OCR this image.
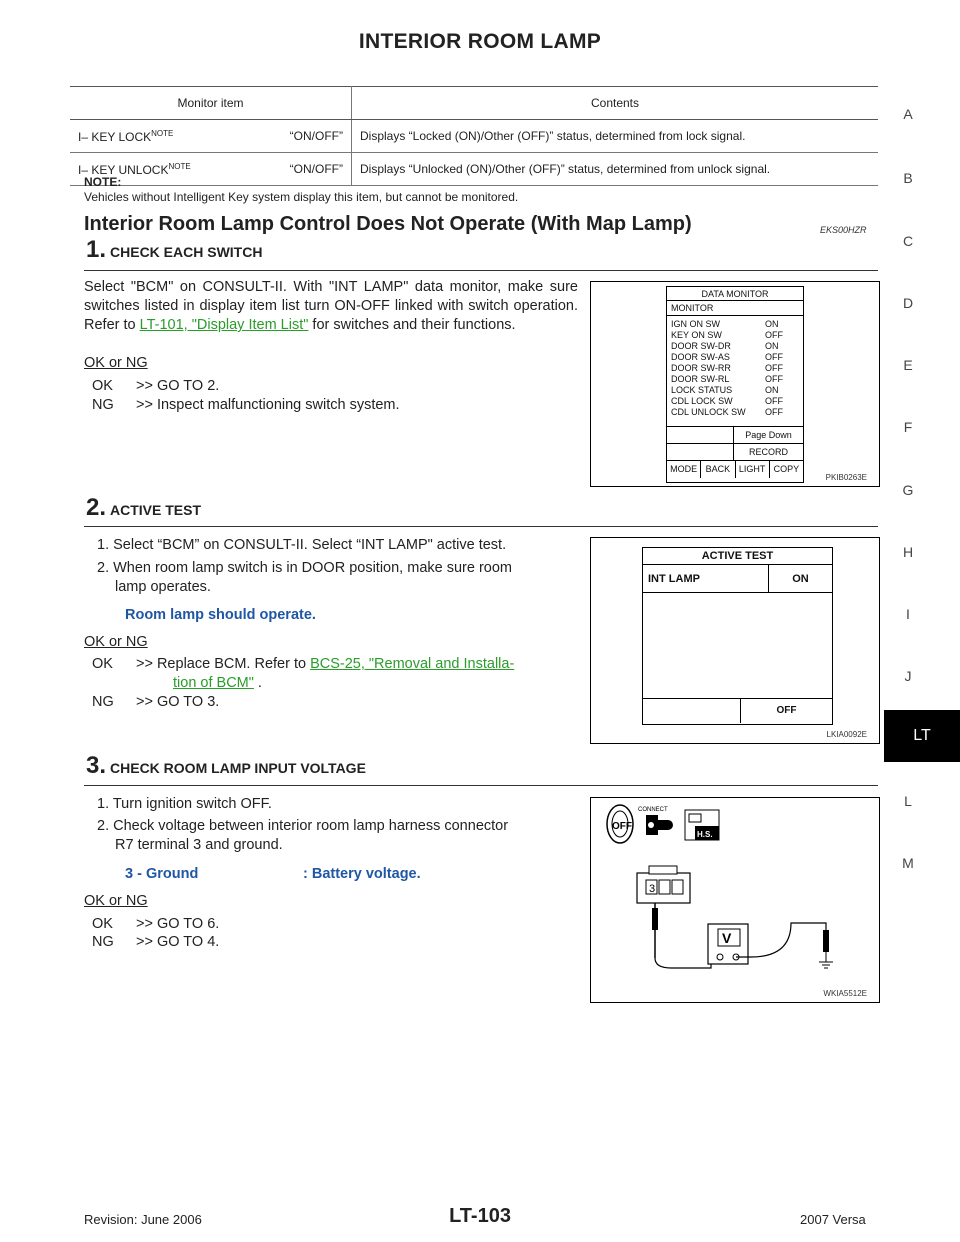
INTERIOR ROOM LAMP
A
B
C
D
E
F
G
H
I
J
LT
L
M
Monitor item	Contents
I– KEY $LOCK^{NOTE}$ “ON/OFF”	Displays “Locked (ON)/Other (OFF)” status, determined from lock signal.
I– KEY $UNLOCK^{NOTE}$ “ON/OFF”	Displays “Unlocked (ON)/Other (OFF)” status, determined from unlock signal.
NOTE:
Vehicles without Intelligent Key system display this item, but cannot be monitored.
Interior Room Lamp Control Does Not Operate (With Map Lamp)	EKS00HZR
1. CHECK EACH SWITCH
Select "BCM" on CONSULT-II. With "INT LAMP" data monitor, make sure switches listed in display item list turn ON-OFF linked with switch operation. Refer to LT-101, "Display Item List" for switches and their functions.
OK or NG
OK >> GO TO 2.
NG >> Inspect malfunctioning switch system.
DATA MONITOR
MONITOR
IGN ON SW	ON
KEY ON SW	OFF
DOOR SW-DR	ON
DOOR SW-AS	OFF
DOOR SW-RR	OFF
DOOR SW-RL	OFF
LOCK STATUS	ON
CDL LOCK SW	OFF
CDL UNLOCK SW OFF
Page Down
RECORD
MODE BACK LIGHT COPY
PKIB0263E
2. ACTIVE TEST
1. Select “BCM” on CONSULT-II. Select “INT LAMP" active test.
2. When room lamp switch is in DOOR position, make sure room
lamp operates.
Room lamp should operate.
OK or NG
OK >> Replace BCM. Refer to BCS-25, "Removal and Installa-
tion of BCM" .
NG >> GO TO 3.
ACTIVE TEST
INT LAMP	ON
OFF
LKIA0092E
3. CHECK ROOM LAMP INPUT VOLTAGE
1. Turn ignition switch OFF.
2. Check voltage between interior room lamp harness connector
R7 terminal 3 and ground.
3 - Ground	: Battery voltage.
OK or NG
OK >> GO TO 6.
NG >> GO TO 4.
OFF
CONNECT
H.S.
3
V
WKIA5512E
Revision: June 2006	LT-103	2007 Versa
